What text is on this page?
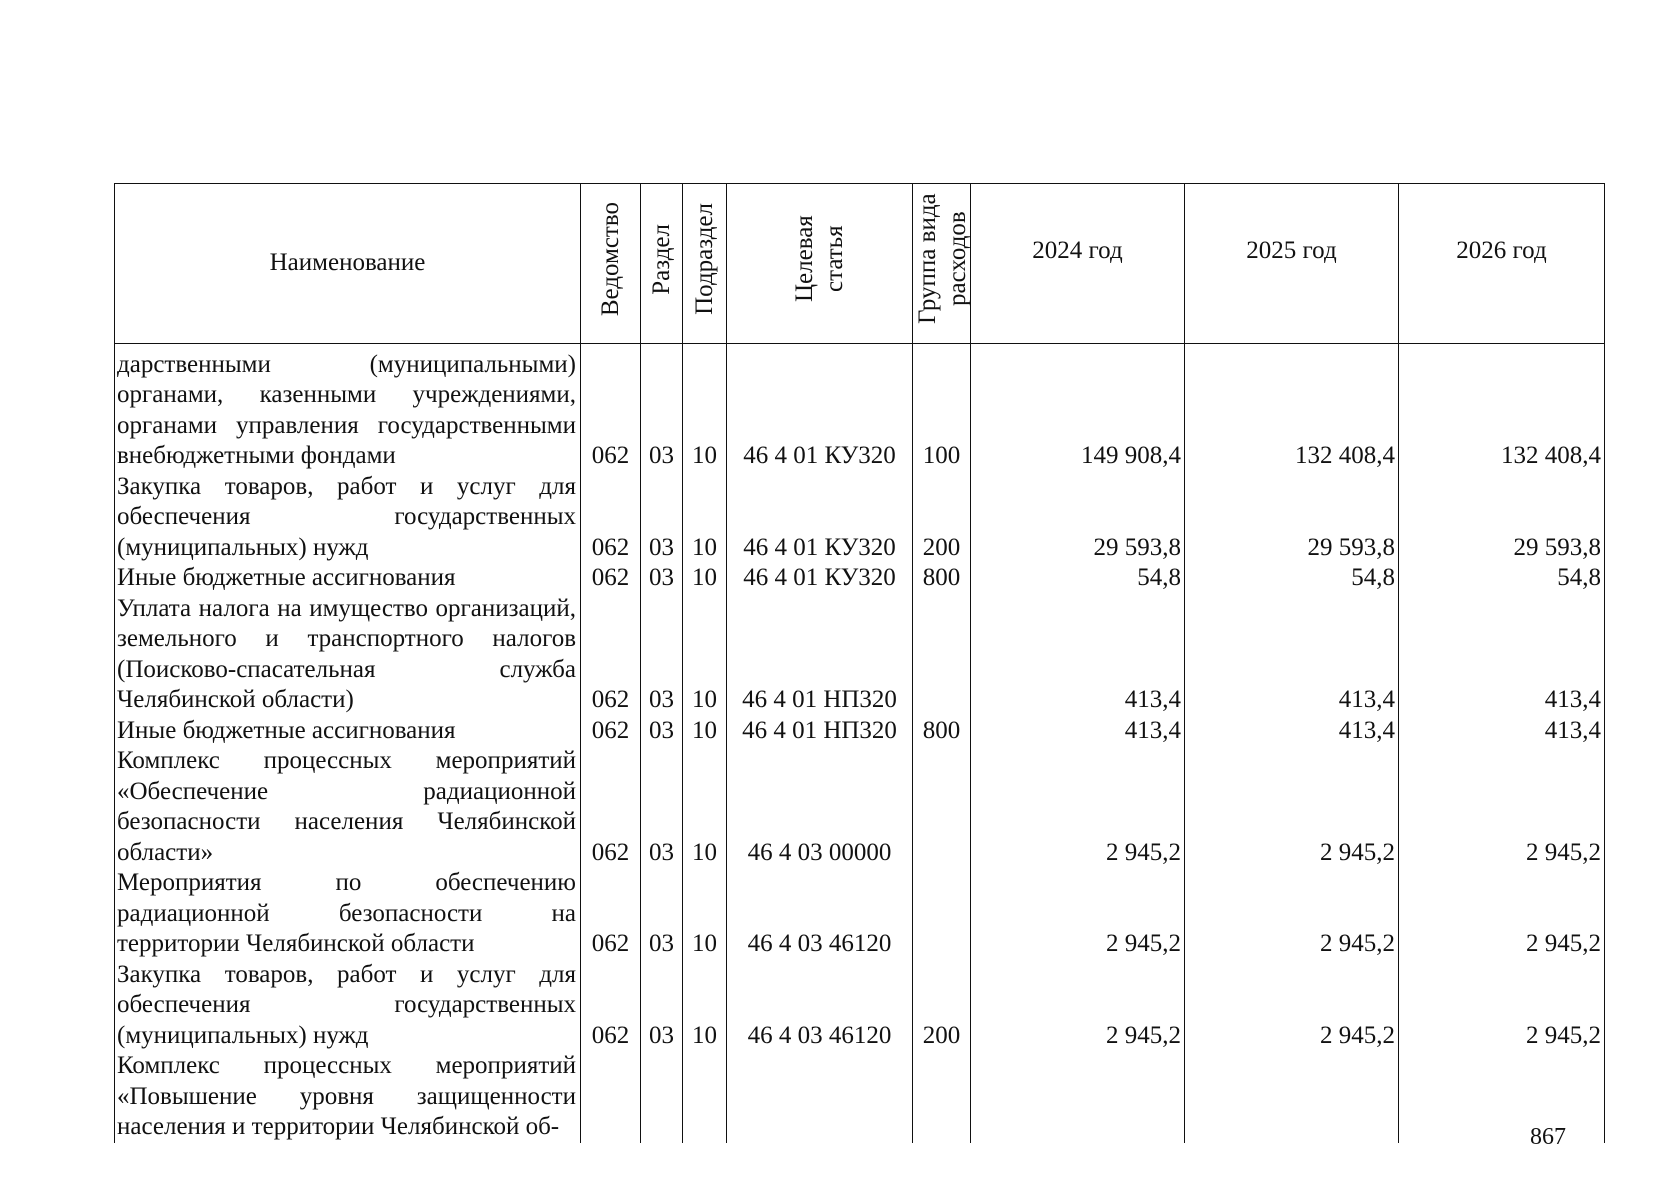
Наименование	Ведомство	Раздел	Подраздел	Целевая статья	Группа вида расходов	2024 год	2025 год	2026 год

дарственными (муниципальными) органами, казенными учреждениями, органами управления государственными внебюджетными фондами	062	03	10	46 4 01 КУ320	100	149 908,4	132 408,4	132 408,4
Закупка товаров, работ и услуг для обеспечения государственных (муниципальных) нужд	062	03	10	46 4 01 КУ320	200	29 593,8	29 593,8	29 593,8
Иные бюджетные ассигнования	062	03	10	46 4 01 КУ320	800	54,8	54,8	54,8
Уплата налога на имущество организаций, земельного и транспортного налогов (Поисково-спасательная служба Челябинской области)	062	03	10	46 4 01 НП320		413,4	413,4	413,4
Иные бюджетные ассигнования	062	03	10	46 4 01 НП320	800	413,4	413,4	413,4
Комплекс процессных мероприятий «Обеспечение радиационной безопасности населения Челябинской области»	062	03	10	46 4 03 00000		2 945,2	2 945,2	2 945,2
Мероприятия по обеспечению радиационной безопасности на территории Челябинской области	062	03	10	46 4 03 46120		2 945,2	2 945,2	2 945,2
Закупка товаров, работ и услуг для обеспечения государственных (муниципальных) нужд	062	03	10	46 4 03 46120	200	2 945,2	2 945,2	2 945,2
Комплекс процессных мероприятий «Повышение уровня защищенности населения и территории Челябинской об-									867
